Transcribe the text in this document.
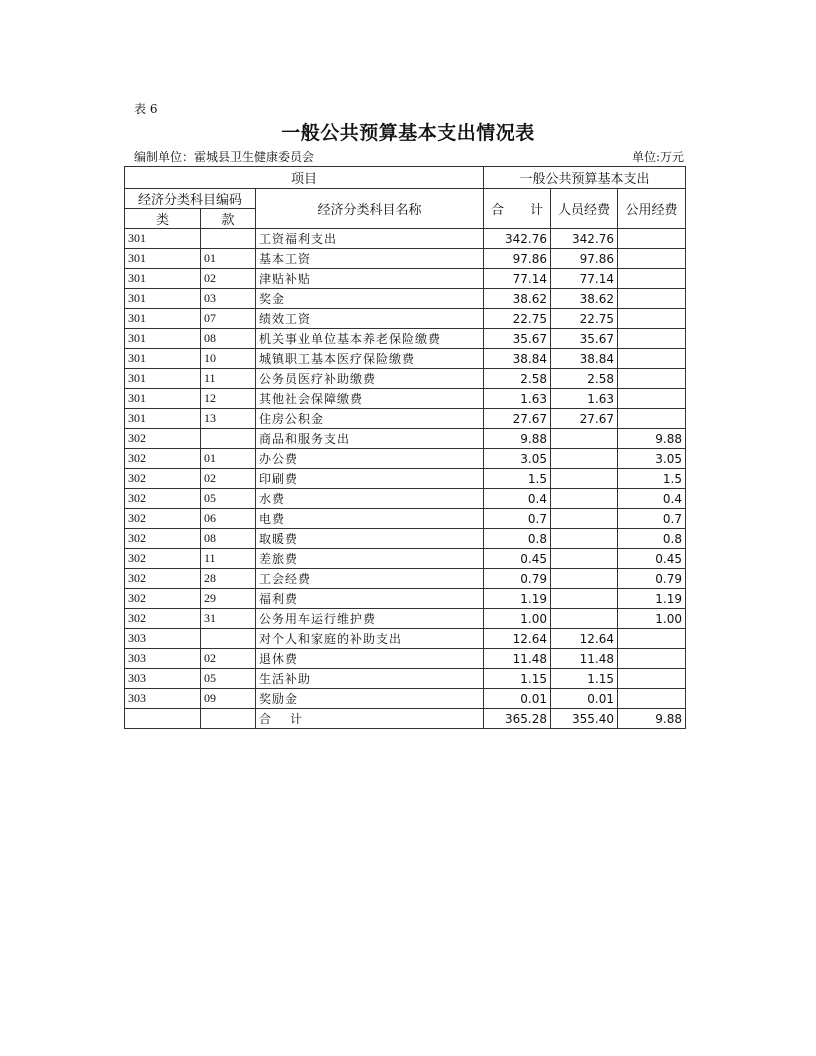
表 6
一般公共预算基本支出情况表
编制单位：霍城县卫生健康委员会	单位:万元
项目			一般公共预算基本支出		
经济分类科目编码		经济分类科目名称	合 计	人员经费	公用经费
类	款				
301		工资福利支出	342.76	342.76	
301	01	基本工资	97.86	97.86	
301	02	津贴补贴	77.14	77.14	
301	03	奖金	38.62	38.62	
301	07	绩效工资	22.75	22.75	
301	08	机关事业单位基本养老保险缴费	35.67	35.67	
301	10	城镇职工基本医疗保险缴费	38.84	38.84	
301	11	公务员医疗补助缴费	2.58	2.58	
301	12	其他社会保障缴费	1.63	1.63	
301	13	住房公积金	27.67	27.67	
302		商品和服务支出	9.88		9.88
302	01	办公费	3.05		3.05
302	02	印刷费	1.5		1.5
302	05	水费	0.4		0.4
302	06	电费	0.7		0.7
302	08	取暖费	0.8		0.8
302	11	差旅费	0.45		0.45
302	28	工会经费	0.79		0.79
302	29	福利费	1.19		1.19
302	31	公务用车运行维护费	1.00		1.00
303		对个人和家庭的补助支出	12.64	12.64	
303	02	退休费	11.48	11.48	
303	05	生活补助	1.15	1.15	
303	09	奖励金	0.01	0.01	
		合 计	365.28	355.40	9.88
